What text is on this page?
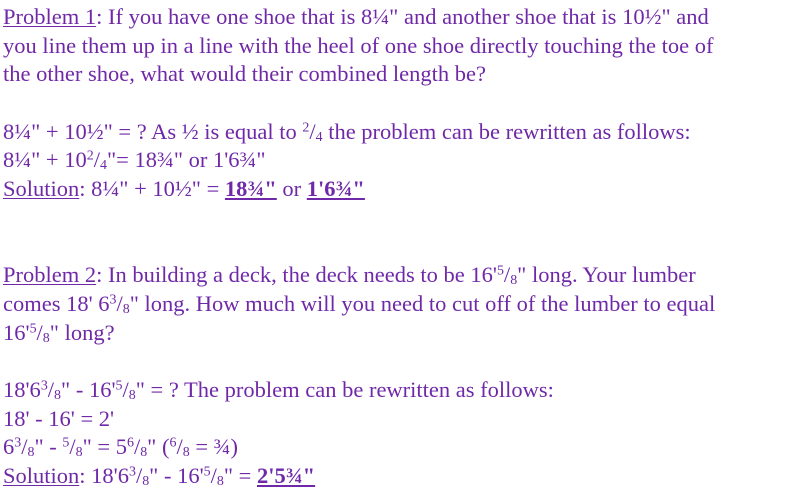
Problem 1: If you have one shoe that is 8¼" and another shoe that is 10½" and
you line them up in a line with the heel of one shoe directly touching the toe of
the other shoe, what would their combined length be?
8¼" + 10½" = ? As ½ is equal to $^2/_4$ the problem can be rewritten as follows:
8¼" + $10^2/_4"=$ 18¾" or 1'6¾"
Solution: 8¼" + 10½" = 18¾" or 1'6¾"
Problem 2: In building a deck, the deck needs to be $16'^5/_8$" long. Your lumber
comes 18' $6^3/_8$" long. How much will you need to cut off of the lumber to equal
$16'^5/_8$" long?
$18'6^3/_8$" - $16'^5/_8$" = ? The problem can be rewritten as follows:
18' - 16' = 2'
$6^3/_8$" - $^5/_8$" = $5^6/_8$" ($^6/_8$ = ¾)
Solution: $18'6^3/_8$" - $16'^5/_8$" = 2'5¾"
